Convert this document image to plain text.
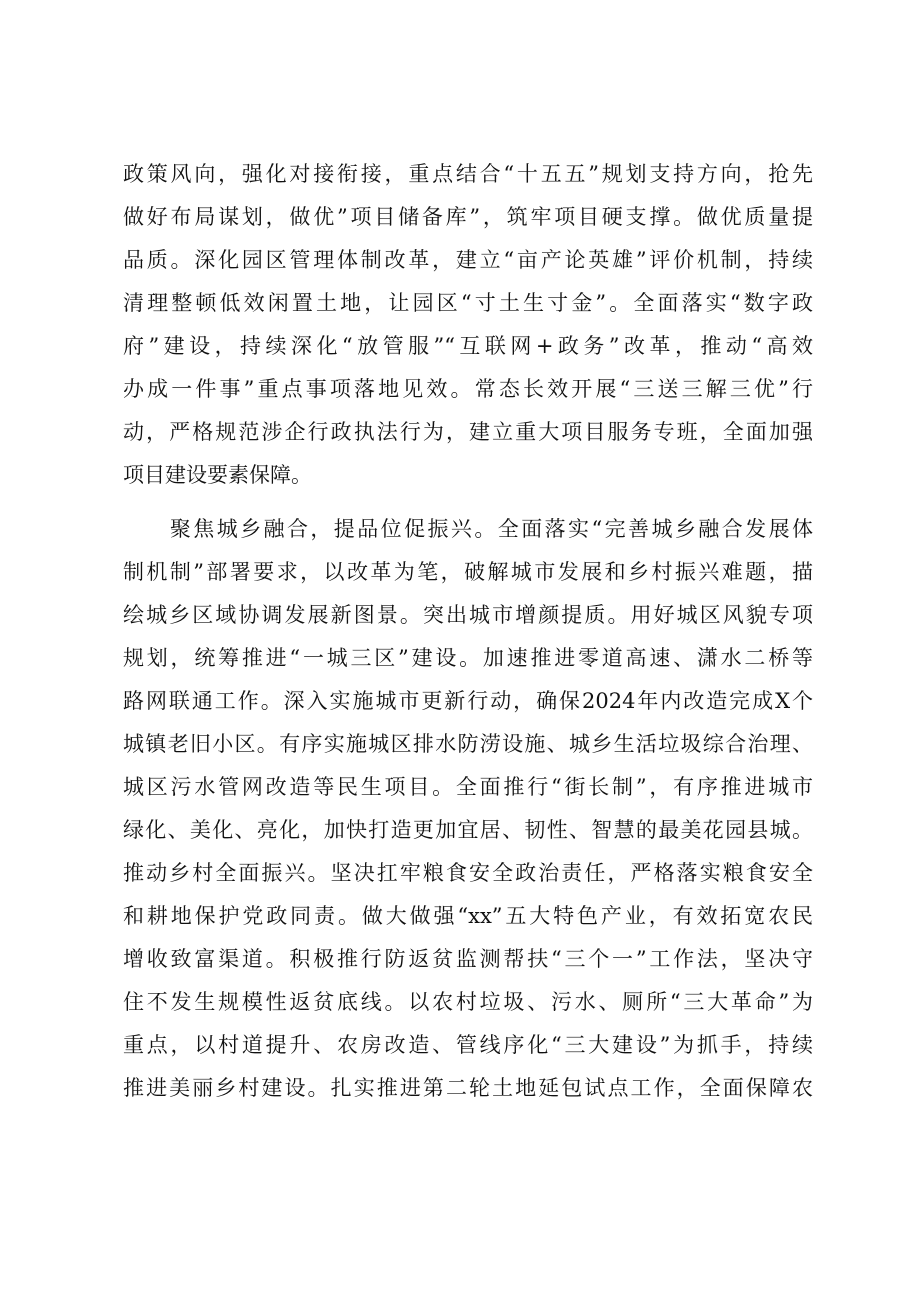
政策风向，强化对接衔接，重点结合“十五五”规划支持方向，抢先
做好布局谋划，做优”项目储备库”，筑牢项目硬支撑。做优质量提
品质。深化园区管理体制改革，建立“亩产论英雄”评价机制，持续
清理整顿低效闲置土地，让园区“寸土生寸金”。全面落实“数字政
府”建设，持续深化“放管服”“互联网+政务”改革，推动“高效
办成一件事”重点事项落地见效。常态长效开展“三送三解三优”行
动，严格规范涉企行政执法行为，建立重大项目服务专班，全面加强
项目建设要素保障。
　　聚焦城乡融合，提品位促振兴。全面落实“完善城乡融合发展体
制机制”部署要求，以改革为笔，破解城市发展和乡村振兴难题，描
绘城乡区域协调发展新图景。突出城市增颜提质。用好城区风貌专项
规划，统筹推进“一城三区”建设。加速推进零道高速、潇水二桥等
路网联通工作。深入实施城市更新行动，确保2024年内改造完成X个
城镇老旧小区。有序实施城区排水防涝设施、城乡生活垃圾综合治理、
城区污水管网改造等民生项目。全面推行“街长制”，有序推进城市
绿化、美化、亮化，加快打造更加宜居、韧性、智慧的最美花园县城。
推动乡村全面振兴。坚决扛牢粮食安全政治责任，严格落实粮食安全
和耕地保护党政同责。做大做强“xx”五大特色产业，有效拓宽农民
增收致富渠道。积极推行防返贫监测帮扶“三个一”工作法，坚决守
住不发生规模性返贫底线。以农村垃圾、污水、厕所“三大革命”为
重点，以村道提升、农房改造、管线序化“三大建设”为抓手，持续
推进美丽乡村建设。扎实推进第二轮土地延包试点工作，全面保障农
